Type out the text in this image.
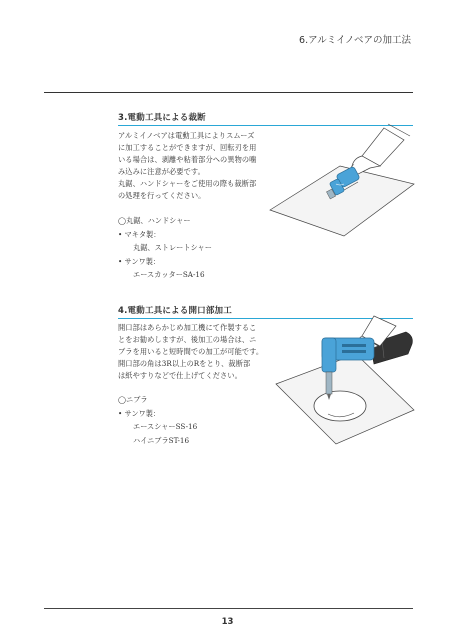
6.アルミイノベアの加工法
3.電動工具による裁断

アルミイノベアは電動工具によりスムーズ

に加工することができますが、回転刃を用

いる場合は、剥離や粘着部分への異物の噛

み込みに注意が必要です。

丸鋸、ハンドシャーをご使用の際も裁断部

の処理を行ってください。

◯丸鋸、ハンドシャー
• マキタ製：
丸鋸、ストレートシャー
• サンワ製：
エースカッターSA-16
4.電動工具による開口部加工

開口部はあらかじめ加工機にて作製するこ

とをお勧めしますが、後加工の場合は、ニ

ブラを用いると短時間での加工が可能です。

開口部の角は3R以上のRをとり、裁断部

は紙やすりなどで仕上げてください。

◯ニブラ
• サンワ製：
エースシャーSS-16
ハイニブラST-16
13
